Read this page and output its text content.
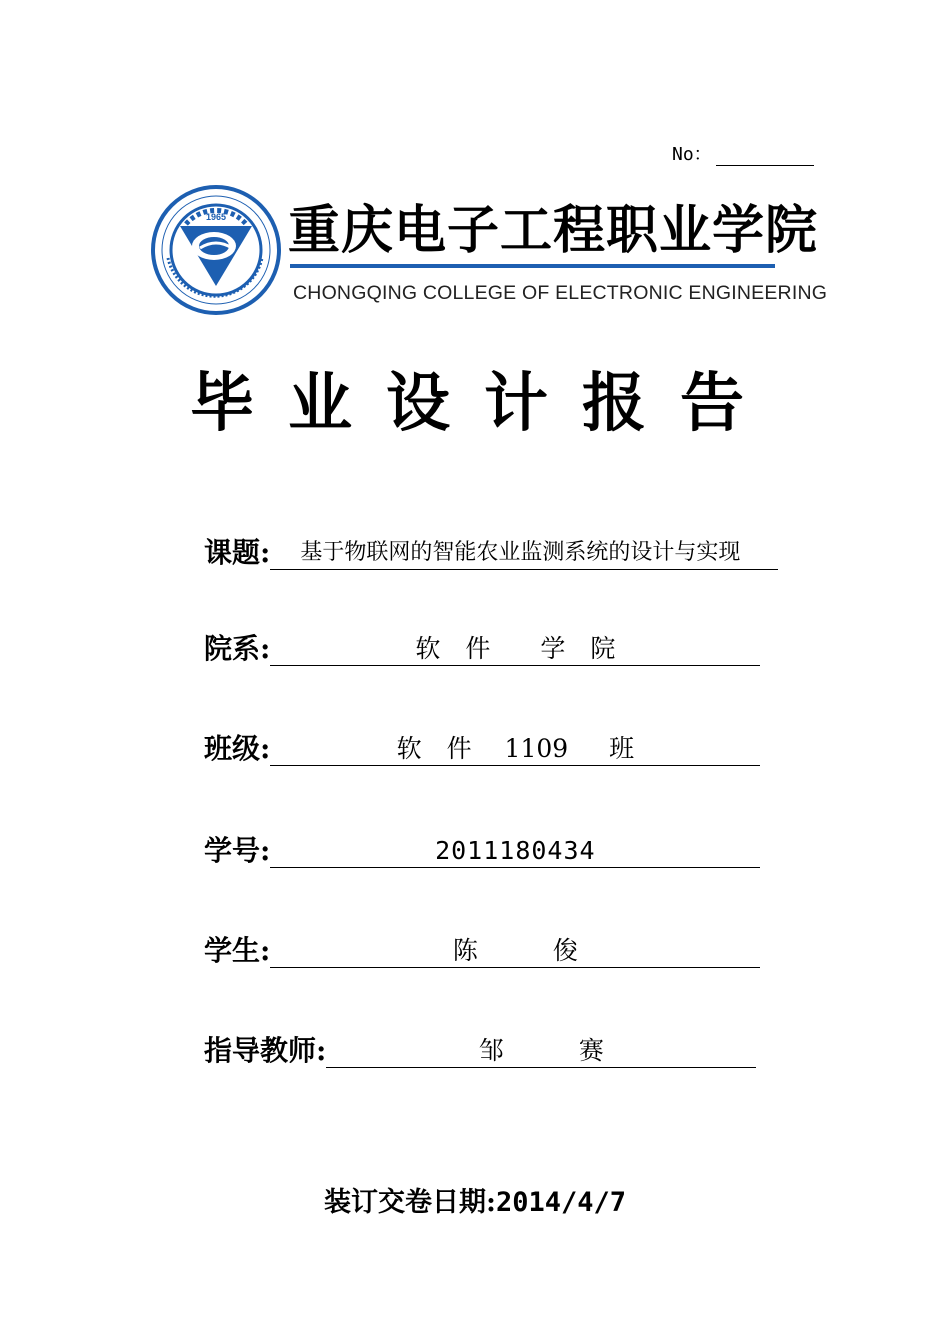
No：
1965 重庆电子工程职业学院
CHONGQING COLLEGE OF ELECTRONIC ENGINEERING
毕业设计报告
课题:	基于物联网的智能农业监测系统的设计与实现
院系:	软　件　　学　院
班级:	软　件　 1109 　 班
学号:	2011180434
学生:	陈　　　俊
指导教师:	邹　　　赛
装订交卷日期:2014/4/7
